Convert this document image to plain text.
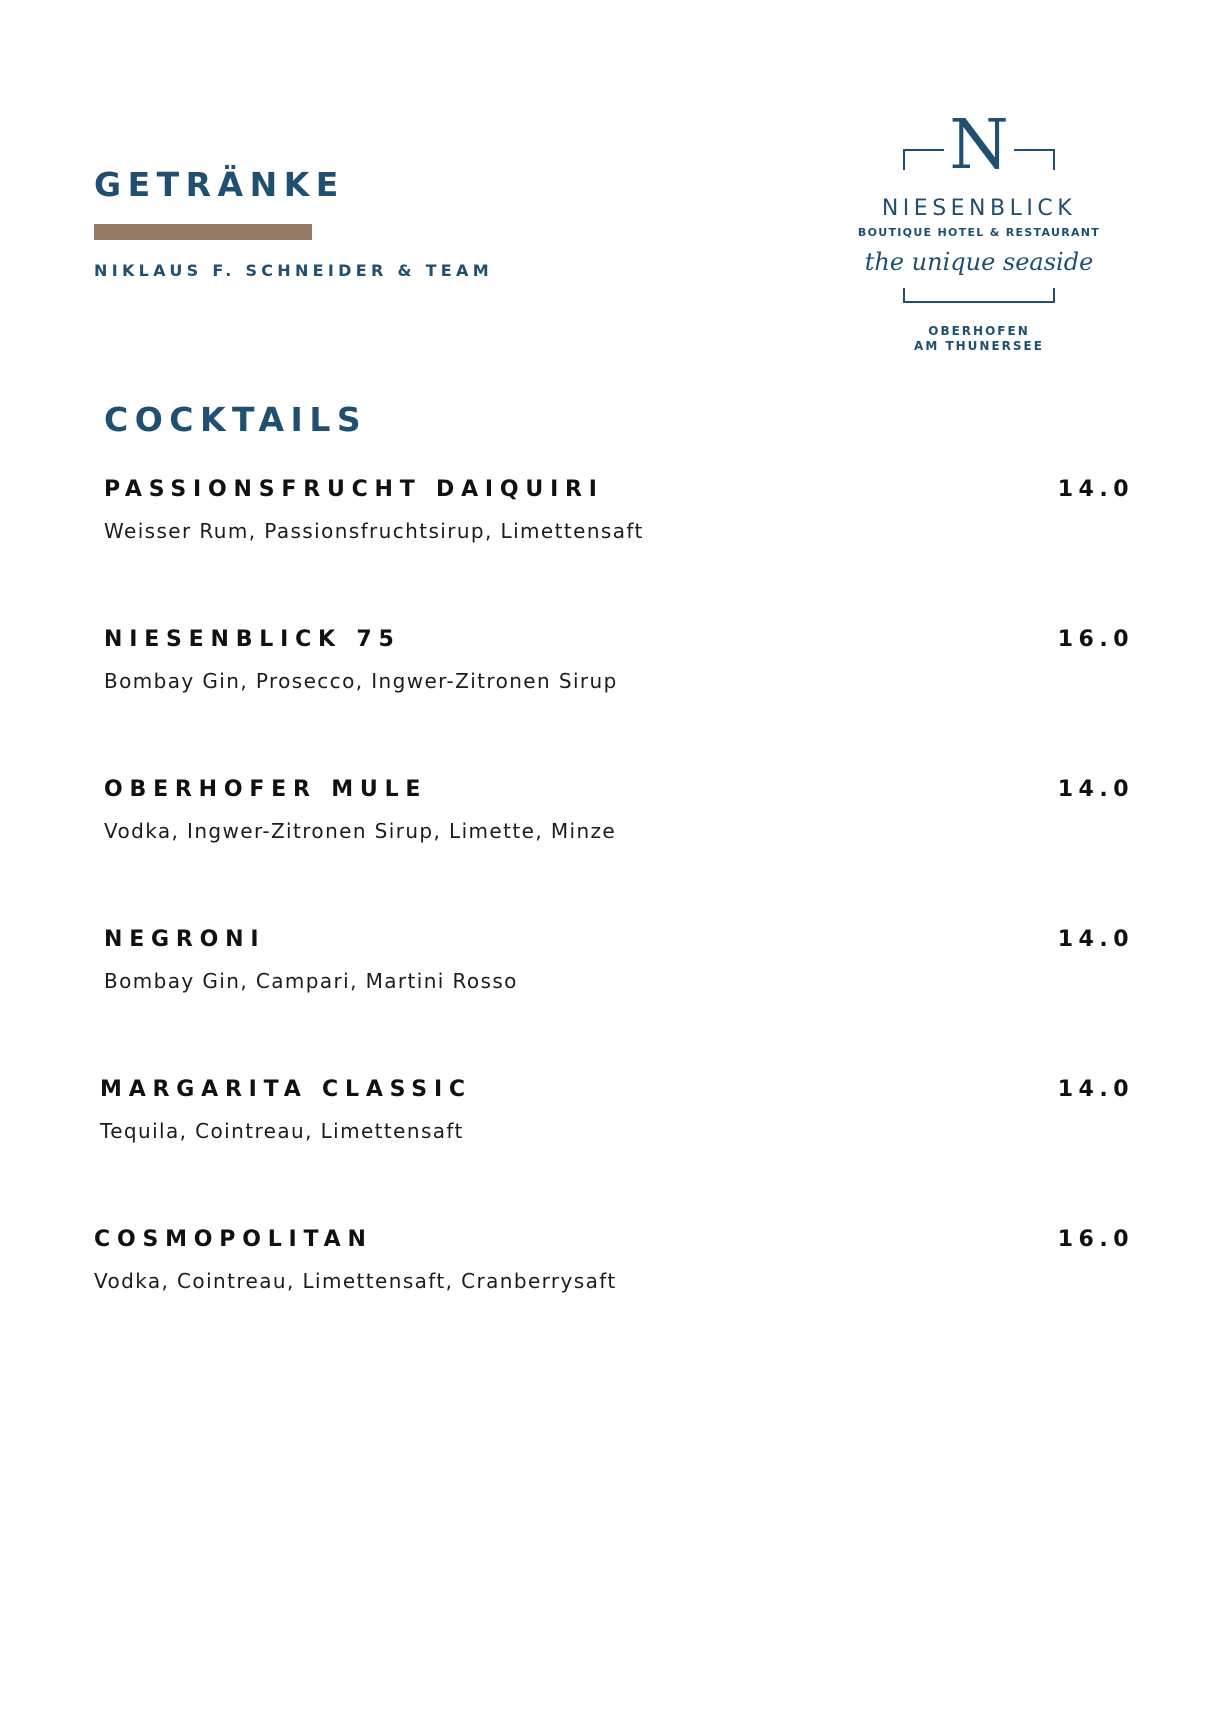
GETRÄNKE
NIKLAUS F. SCHNEIDER & TEAM
N
NIESENBLICK
BOUTIQUE HOTEL & RESTAURANT
the unique seaside
OBERHOFEN
AM THUNERSEE
COCKTAILS
PASSIONSFRUCHT DAIQUIRI	14.0
Weisser Rum, Passionsfruchtsirup, Limettensaft
NIESENBLICK 75	16.0
Bombay Gin, Prosecco, Ingwer-Zitronen Sirup
OBERHOFER MULE	14.0
Vodka, Ingwer-Zitronen Sirup, Limette, Minze
NEGRONI	14.0
Bombay Gin, Campari, Martini Rosso
MARGARITA CLASSIC	14.0
Tequila, Cointreau, Limettensaft
COSMOPOLITAN	16.0
Vodka, Cointreau, Limettensaft, Cranberrysaft
